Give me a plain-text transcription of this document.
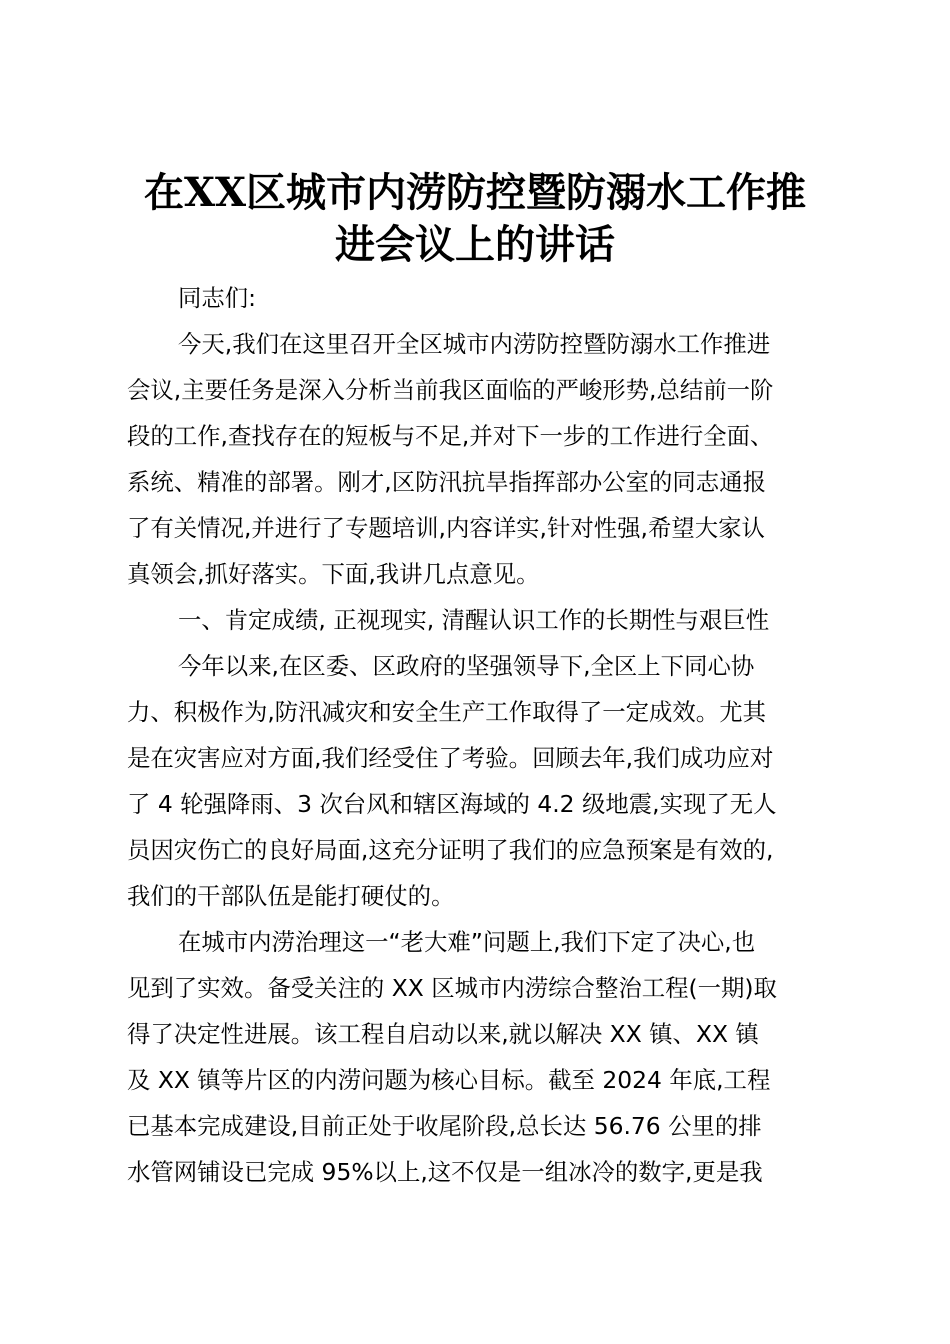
在XX区城市内涝防控暨防溺水工作推
进会议上的讲话
同志们:
今天,我们在这里召开全区城市内涝防控暨防溺水工作推进
会议,主要任务是深入分析当前我区面临的严峻形势,总结前一阶
段的工作,查找存在的短板与不足,并对下一步的工作进行全面、
系统、精准的部署。刚才,区防汛抗旱指挥部办公室的同志通报
了有关情况,并进行了专题培训,内容详实,针对性强,希望大家认
真领会,抓好落实。下面,我讲几点意见。
一、肯定成绩, 正视现实, 清醒认识工作的长期性与艰巨性
今年以来,在区委、区政府的坚强领导下,全区上下同心协
力、积极作为,防汛减灾和安全生产工作取得了一定成效。尤其
是在灾害应对方面,我们经受住了考验。回顾去年,我们成功应对
了 4 轮强降雨、3 次台风和辖区海域的 4.2 级地震,实现了无人
员因灾伤亡的良好局面,这充分证明了我们的应急预案是有效的,
我们的干部队伍是能打硬仗的。
在城市内涝治理这一“老大难”问题上,我们下定了决心,也
见到了实效。备受关注的 XX 区城市内涝综合整治工程(一期)取
得了决定性进展。该工程自启动以来,就以解决 XX 镇、XX 镇
及 XX 镇等片区的内涝问题为核心目标。截至 2024 年底,工程
已基本完成建设,目前正处于收尾阶段,总长达 56.76 公里的排
水管网铺设已完成 95%以上,这不仅是一组冰冷的数字,更是我
